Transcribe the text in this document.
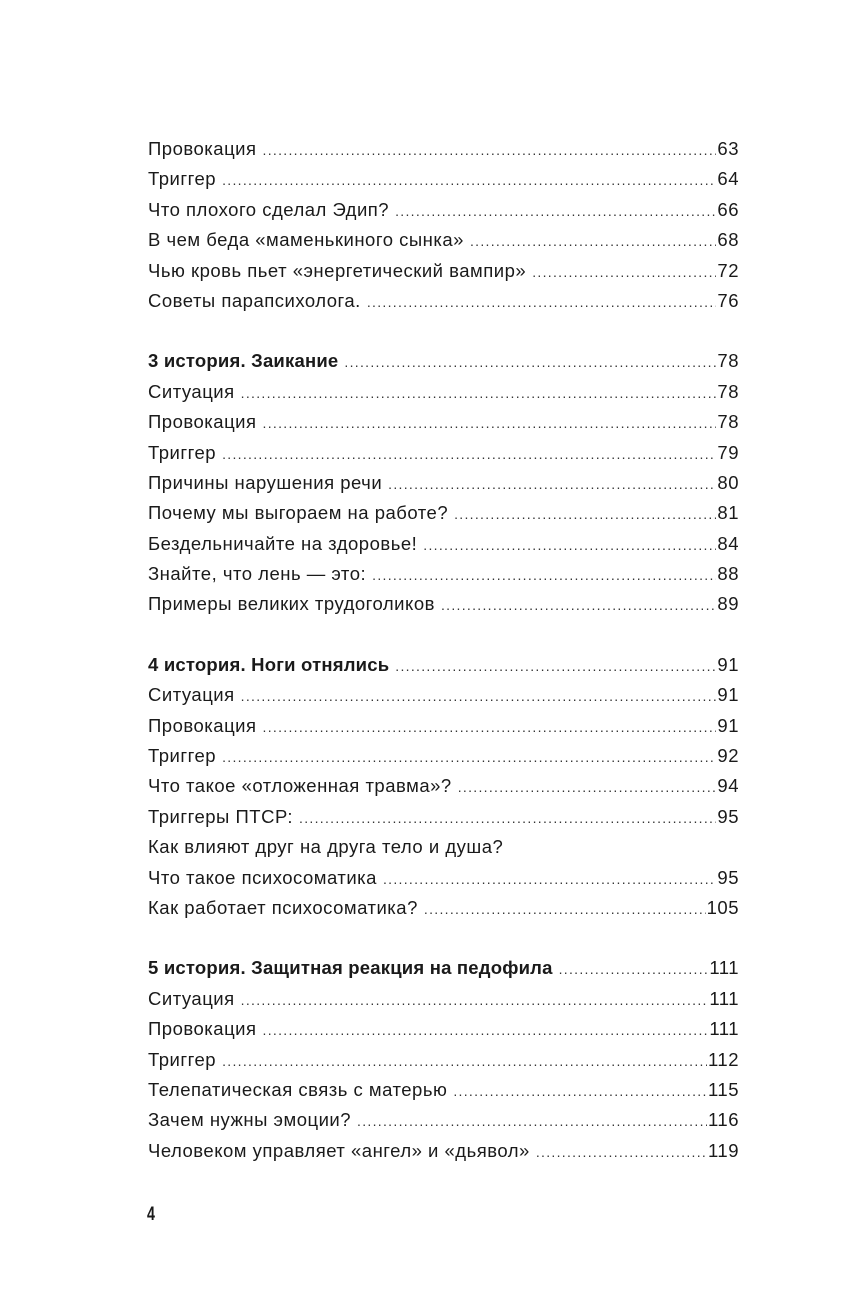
Провокация .....	63
Триггер .....	64
Что плохого сделал Эдип? .....	66
В чем беда «маменькиного сынка» .....	68
Чью кровь пьет «энергетический вампир» .....	72
Советы парапсихолога. .....	76
3 история. Заикание .....	78
Ситуация .....	78
Провокация .....	78
Триггер .....	79
Причины нарушения речи .....	80
Почему мы выгораем на работе? .....	81
Бездельничайте на здоровье! .....	84
Знайте, что лень — это: .....	88
Примеры великих трудоголиков .....	89
4 история. Ноги отнялись .....	91
Ситуация .....	91
Провокация .....	91
Триггер .....	92
Что такое «отложенная травма»? .....	94
Триггеры ПТСР: .....	95
Как влияют друг на друга тело и душа?
Что такое психосоматика .....	95
Как работает психосоматика? .....	105
5 история. Защитная реакция на педофила .....	111
Ситуация .....	111
Провокация .....	111
Триггер .....	112
Телепатическая связь с матерью .....	115
Зачем нужны эмоции? .....	116
Человеком управляет «ангел» и «дьявол» .....	119
4
